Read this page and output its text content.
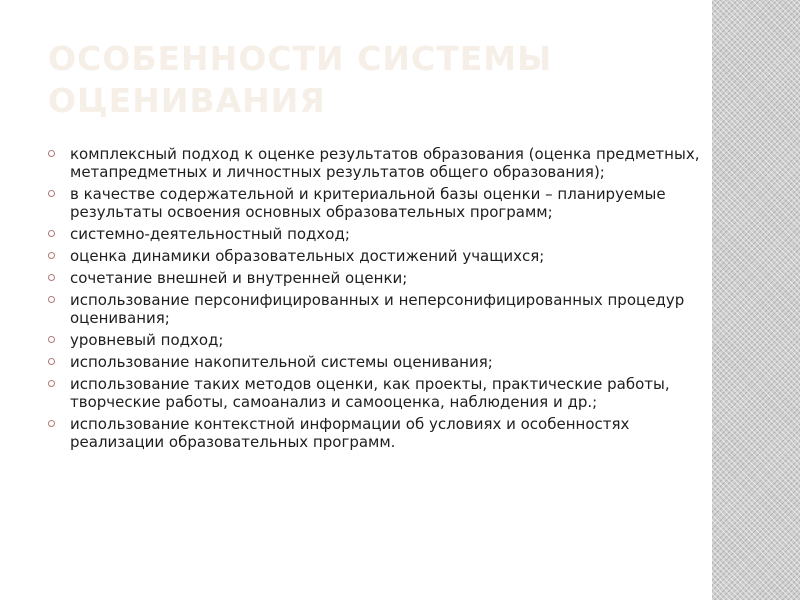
ОСОБЕННОСТИ СИСТЕМЫ ОЦЕНИВАНИЯ
комплексный подход к оценке результатов образования (оценка предметных, метапредметных и личностных результатов общего образования);
в качестве содержательной и критериальной базы оценки – планируемые результаты освоения основных образовательных программ;
системно-деятельностный подход;
оценка динамики образовательных достижений учащихся;
сочетание внешней и внутренней оценки;
использование персонифицированных и неперсонифицированных процедур оценивания;
уровневый подход;
использование накопительной системы оценивания;
использование таких методов оценки, как проекты, практические работы, творческие работы, самоанализ и самооценка, наблюдения и др.;
использование контекстной информации об условиях и особенностях реализации образовательных программ.
